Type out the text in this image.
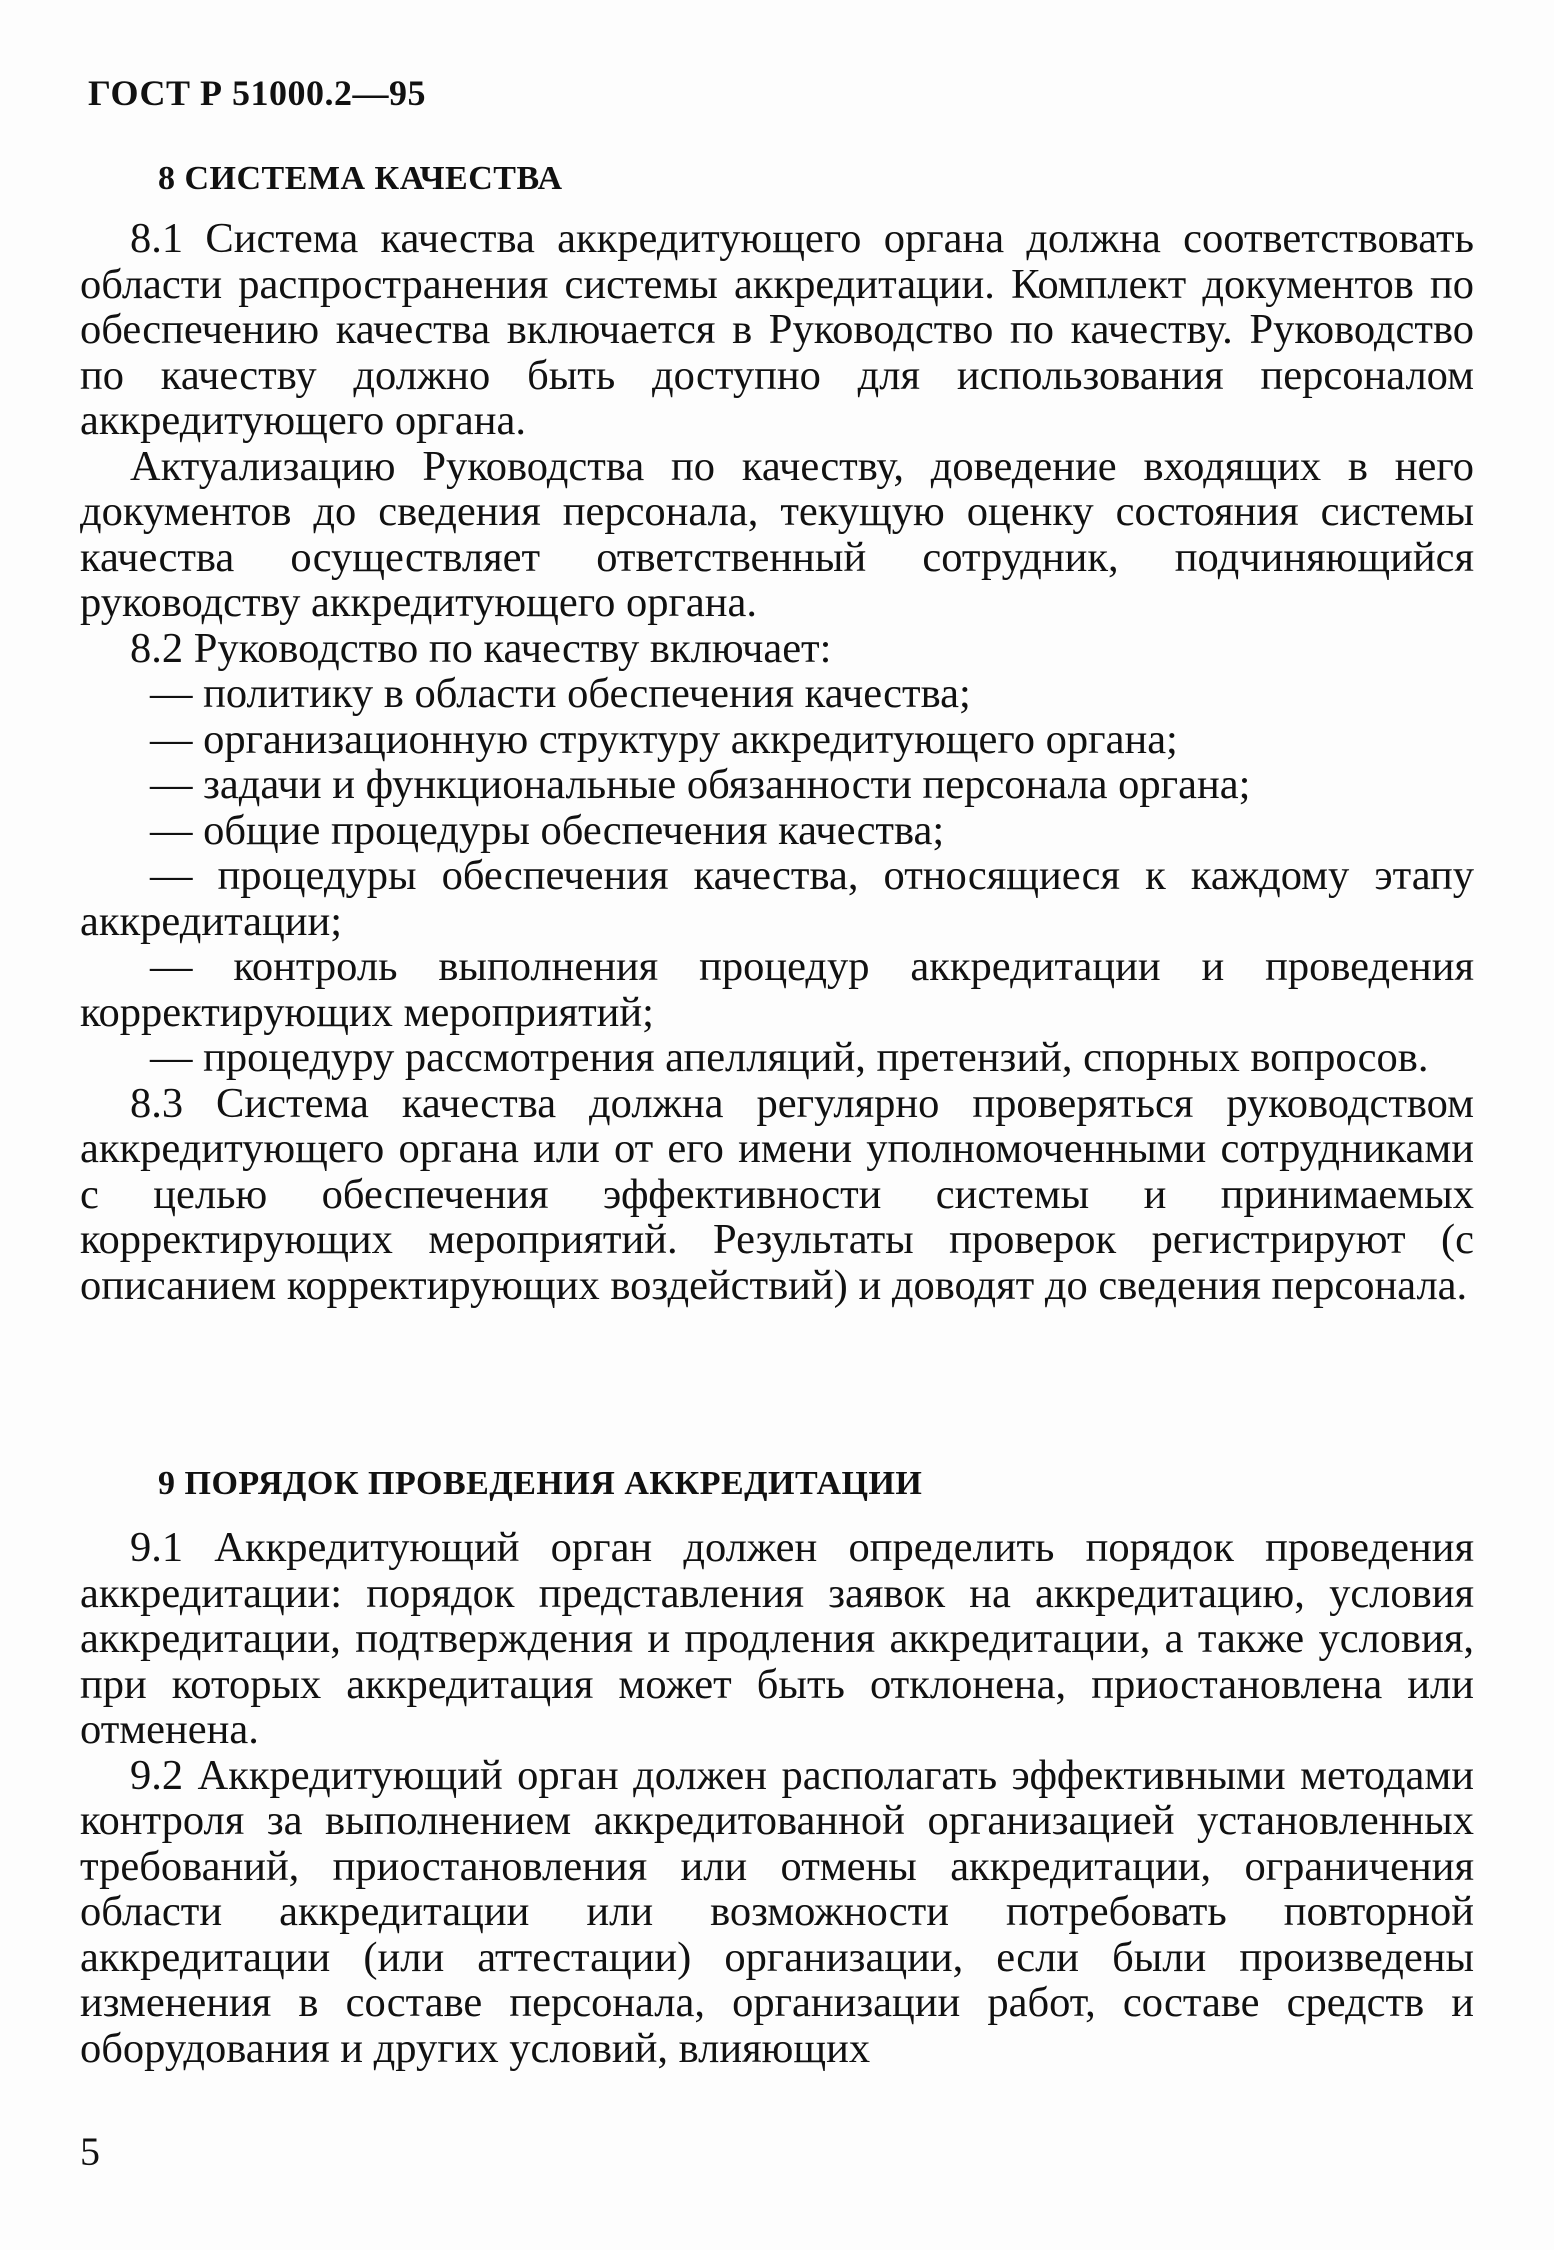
ГОСТ Р 51000.2—95
8 СИСТЕМА КАЧЕСТВА

8.1 Система качества аккредитующего органа должна соответствовать области распространения системы аккредитации. Комплект документов по обеспечению качества включается в Руководство по качеству. Руководство по качеству должно быть доступно для использования персоналом аккредитующего органа.

Актуализацию Руководства по качеству, доведение входящих в него документов до сведения персонала, текущую оценку состояния системы качества осуществляет ответственный сотрудник, подчиняющийся руководству аккредитующего органа.

8.2 Руководство по качеству включает:

— политику в области обеспечения качества;

— организационную структуру аккредитующего органа;

— задачи и функциональные обязанности персонала органа;

— общие процедуры обеспечения качества;

— процедуры обеспечения качества, относящиеся к каждому этапу аккредитации;

— контроль выполнения процедур аккредитации и проведения корректирующих мероприятий;

— процедуру рассмотрения апелляций, претензий, спорных вопросов.

8.3 Система качества должна регулярно проверяться руководством аккредитующего органа или от его имени уполномоченными сотрудниками с целью обеспечения эффективности системы и принимаемых корректирующих мероприятий. Результаты проверок регистрируют (с описанием корректирующих воздействий) и доводят до сведения персонала.

9 ПОРЯДОК ПРОВЕДЕНИЯ АККРЕДИТАЦИИ

9.1 Аккредитующий орган должен определить порядок проведения аккредитации: порядок представления заявок на аккредитацию, условия аккредитации, подтверждения и продления аккредитации, а также условия, при которых аккредитация может быть отклонена, приостановлена или отменена.

9.2 Аккредитующий орган должен располагать эффективными методами контроля за выполнением аккредитованной организацией установленных требований, приостановления или отмены аккредитации, ограничения области аккредитации или возможности потребовать повторной аккредитации (или аттестации) организации, если были произведены изменения в составе персонала, организации работ, составе средств и оборудования и других условий, влияющих

5
